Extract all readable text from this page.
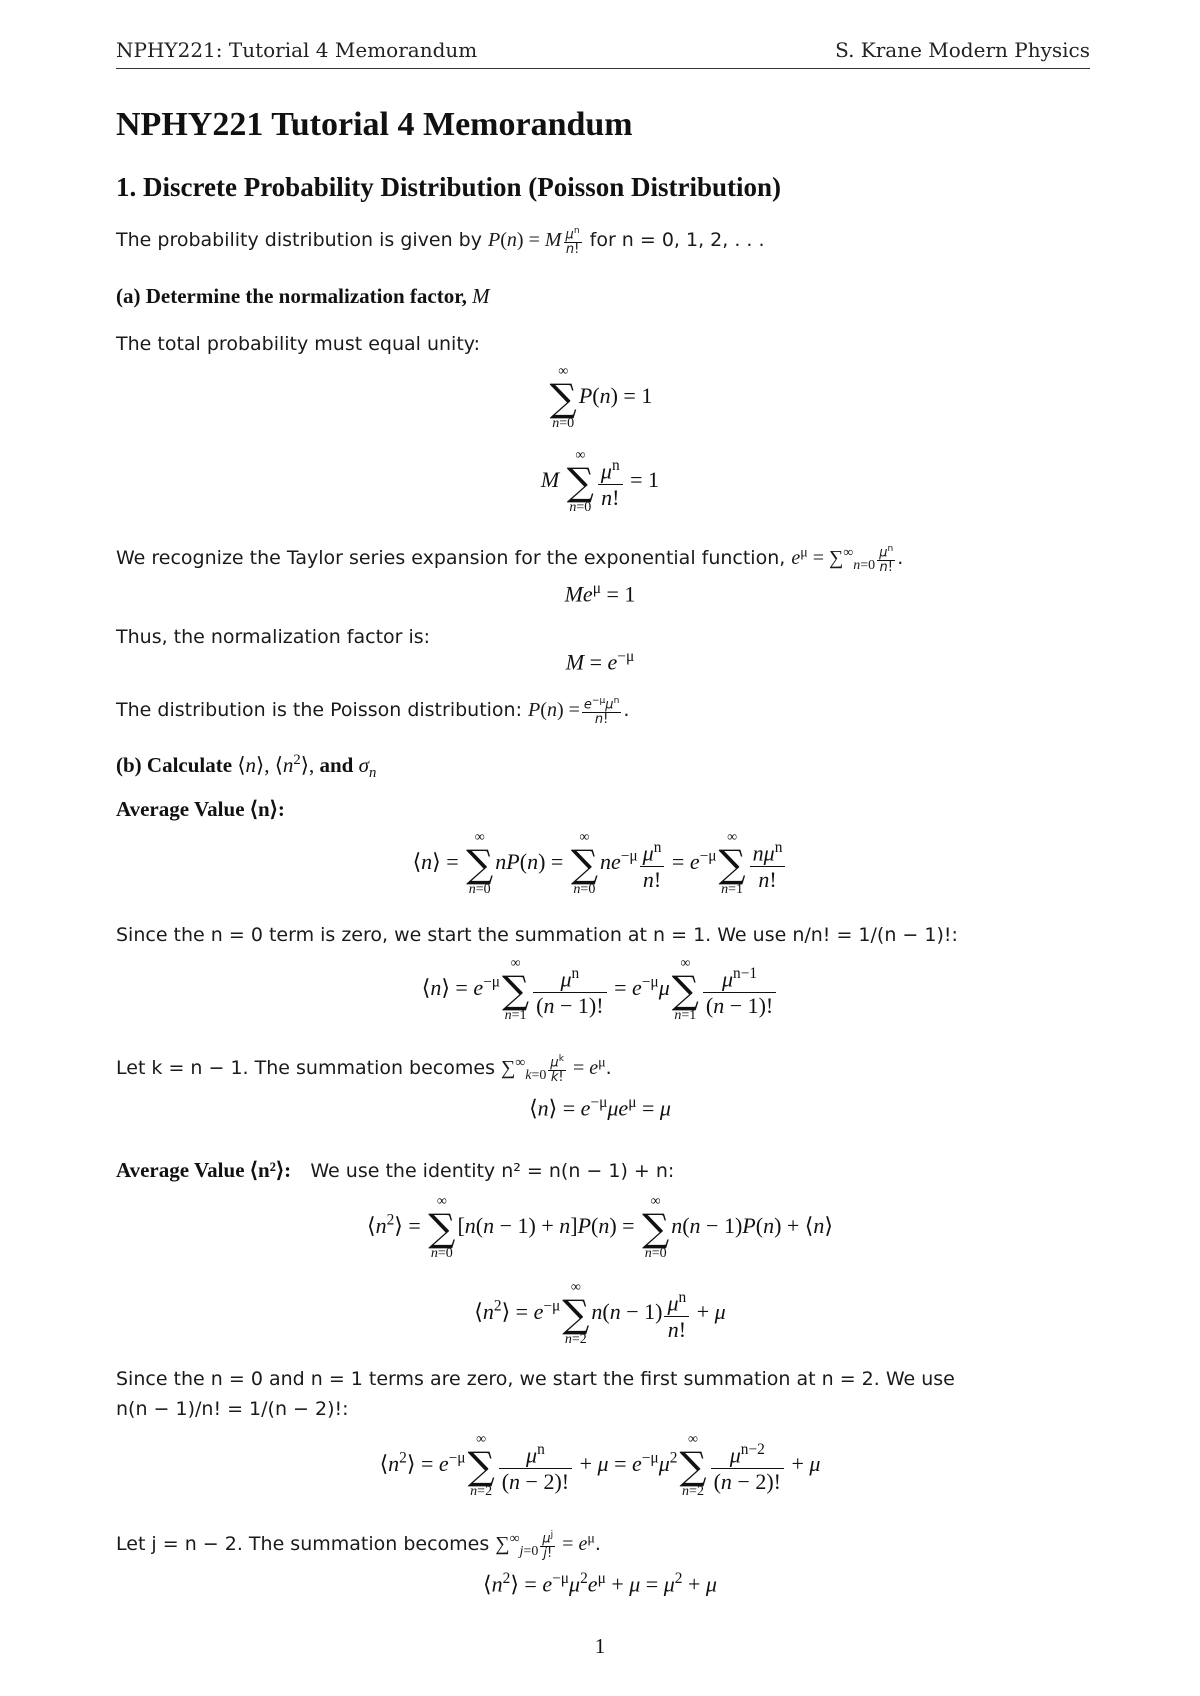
NPHY221: Tutorial 4 Memorandum	S. Krane Modern Physics
NPHY221 Tutorial 4 Memorandum
1. Discrete Probability Distribution (Poisson Distribution)
The probability distribution is given by P(n) = M $\frac{\mu^n}{n!}$ for n = 0, 1, 2, . . .
(a) Determine the normalization factor, M
The total probability must equal unity:
∞
∑
n=0
P(n) = 1
M
∞
∑
$n=0 \frac{\mu^n}{n!} = 1$
We recognize the Taylor series expansion for the exponential function, $e^\mu = \sum^\infty_{n=0} \frac{\mu^n}{n!}$ .
$Me^\mu = 1$
Thus, the normalization factor is:
$M = e^{-\mu}$
The distribution is the Poisson distribution: $P(n) = e^{-\mu}\mu^n$
n! .
(b) Calculate ⟨n⟩, $⟨n^2⟩$, and $\sigma_n$
Average Value ⟨n⟩:
⟨n⟩ =
∞
∑
n=0
nP(n) =
∞
∑
n=0
$ne^{-\mu} \frac{\mu^n}{n!} = e^{-\mu}$
∞
∑
$n=1 \frac{n\mu^n}{n!}$
Since the n = 0 term is zero, we start the summation at n = 1. We use n/n! = 1/(n − 1)!:
⟨n⟩ = $e^{-\mu}$
∞
∑
$n=1 \frac{\mu^n}{(n - 1)!} = e^{-\mu}\mu$
∞
∑
$n=1 \frac{\mu^{n-1}}{(n - 1)!}$
Let k = n − 1. The summation becomes $\sum^\infty_{k=0} \frac{\mu^k}{k!} = e^\mu$.
⟨n⟩ = $e^{-\mu}\mu e^\mu = \mu$
Average Value ⟨n²⟩: We use the identity n² = n(n − 1) + n:
$⟨n^2⟩$ =
∞
∑
n=0
[n(n − 1) + n]P(n) =
∞
∑
n=0
n(n − 1)P(n) + ⟨n⟩
$⟨n^2⟩ = e^{-\mu}$
∞
∑
n=2
$n(n - 1) \frac{\mu^n}{n!} + \mu$
Since the n = 0 and n = 1 terms are zero, we start the first summation at n = 2. We use
n(n − 1)/n! = 1/(n − 2)!:
$⟨n^2⟩ = e^{-\mu}$
∞
∑
$n=2 \frac{\mu^n}{(n - 2)!} + \mu = e^{-\mu}\mu^2$
∞
∑
$n=2 \frac{\mu^{n-2}}{(n - 2)!} + \mu$
Let j = n − 2. The summation becomes $\sum^\infty_{j=0} \frac{\mu^j}{j!} = e^\mu$.
$⟨n^2⟩ = e^{-\mu}\mu^2e^\mu + \mu = \mu^2 + \mu$
1
